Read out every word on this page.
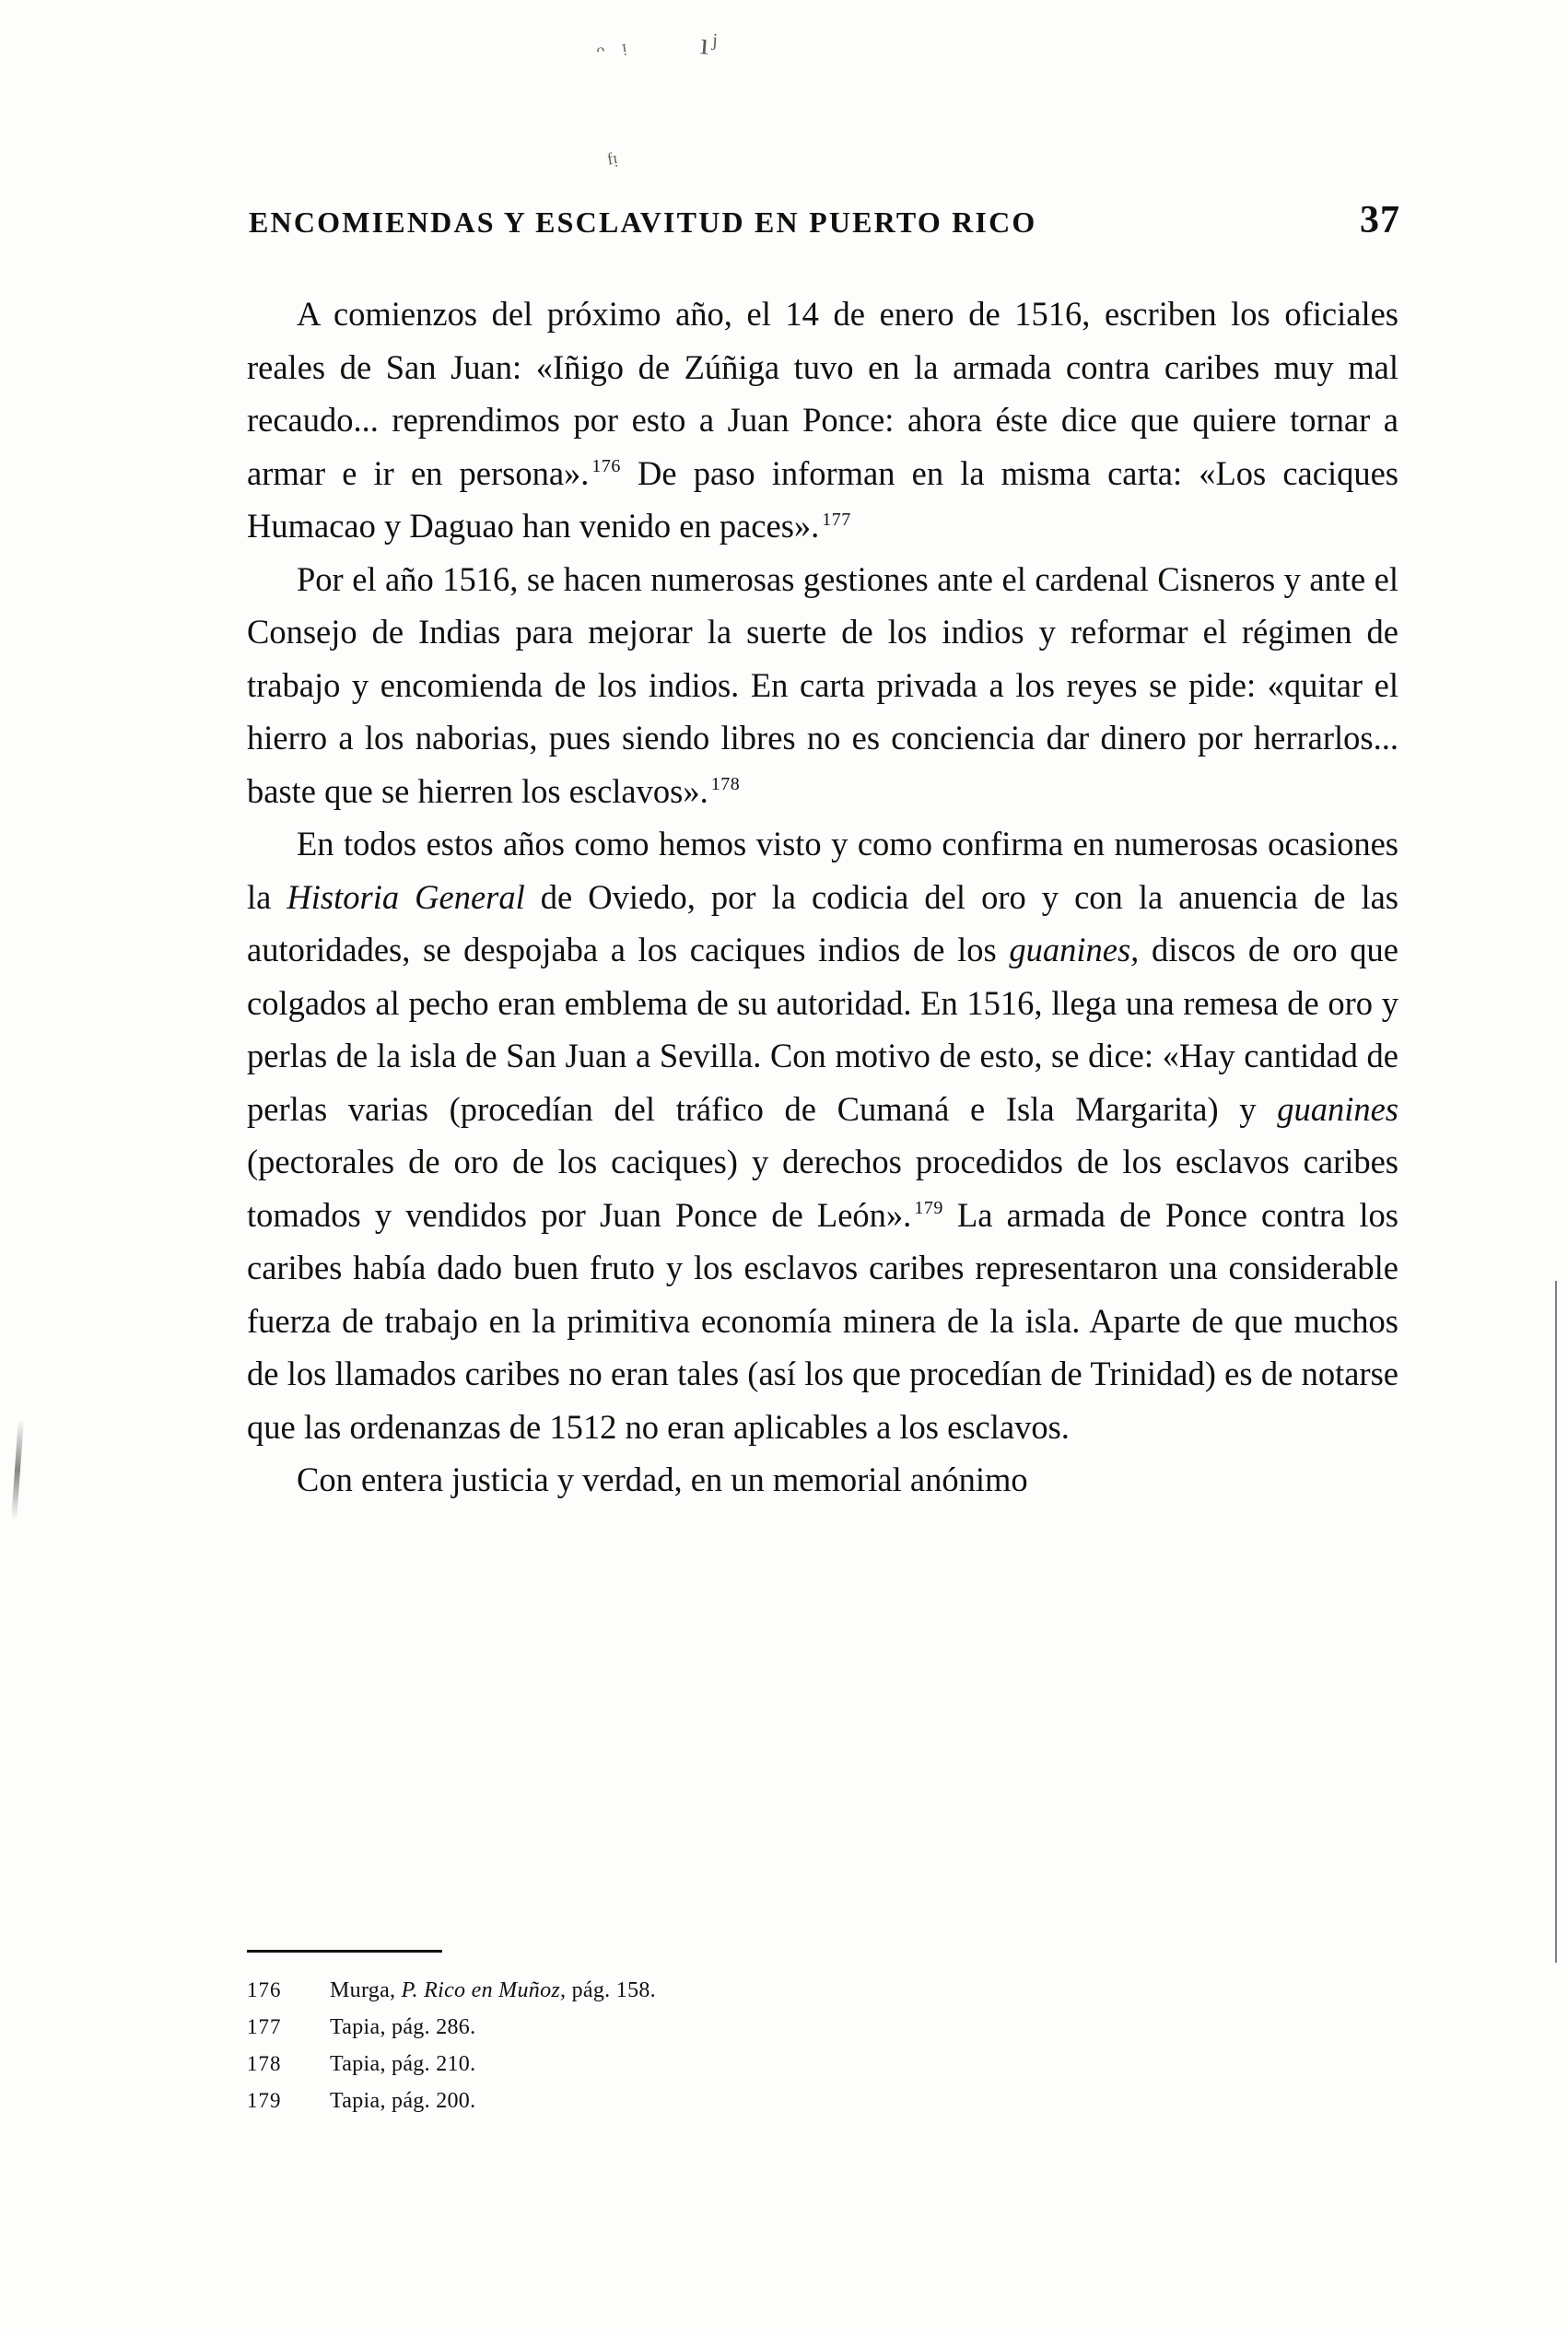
ᵔ ᵎ ıʲ
ᶠᵎ
ENCOMIENDAS Y ESCLAVITUD EN PUERTO RICO	37

A comienzos del próximo año, el 14 de enero de 1516, escriben los oficiales reales de San Juan: «Iñigo de Zúñiga tuvo en la armada contra caribes muy mal recaudo... reprendimos por esto a Juan Ponce: ahora éste dice que quiere tornar a armar e ir en persona». $^{176}$ De paso informan en la misma carta: «Los caciques Humacao y Daguao han venido en paces». $^{177}$

Por el año 1516, se hacen numerosas gestiones ante el cardenal Cisneros y ante el Consejo de Indias para mejorar la suerte de los indios y reformar el régimen de trabajo y encomienda de los indios. En carta privada a los reyes se pide: «quitar el hierro a los naborias, pues siendo libres no es conciencia dar dinero por herrarlos... baste que se hierren los esclavos». $^{178}$

En todos estos años como hemos visto y como confirma en numerosas ocasiones la Historia General de Oviedo, por la codicia del oro y con la anuencia de las autoridades, se despojaba a los caciques indios de los guanines, discos de oro que colgados al pecho eran emblema de su autoridad. En 1516, llega una remesa de oro y perlas de la isla de San Juan a Sevilla. Con motivo de esto, se dice: «Hay cantidad de perlas varias (procedían del tráfico de Cumaná e Isla Margarita) y guanines (pectorales de oro de los caciques) y derechos procedidos de los esclavos caribes tomados y vendidos por Juan Ponce de León». $^{179}$ La armada de Ponce contra los caribes había dado buen fruto y los esclavos caribes representaron una considerable fuerza de trabajo en la primitiva economía minera de la isla. Aparte de que muchos de los llamados caribes no eran tales (así los que procedían de Trinidad) es de notarse que las ordenanzas de 1512 no eran aplicables a los esclavos.

Con entera justicia y verdad, en un memorial anónimo

176	Murga, P. Rico en Muñoz, pág. 158.
177	Tapia, pág. 286.
178	Tapia, pág. 210.
179	Tapia, pág. 200.
